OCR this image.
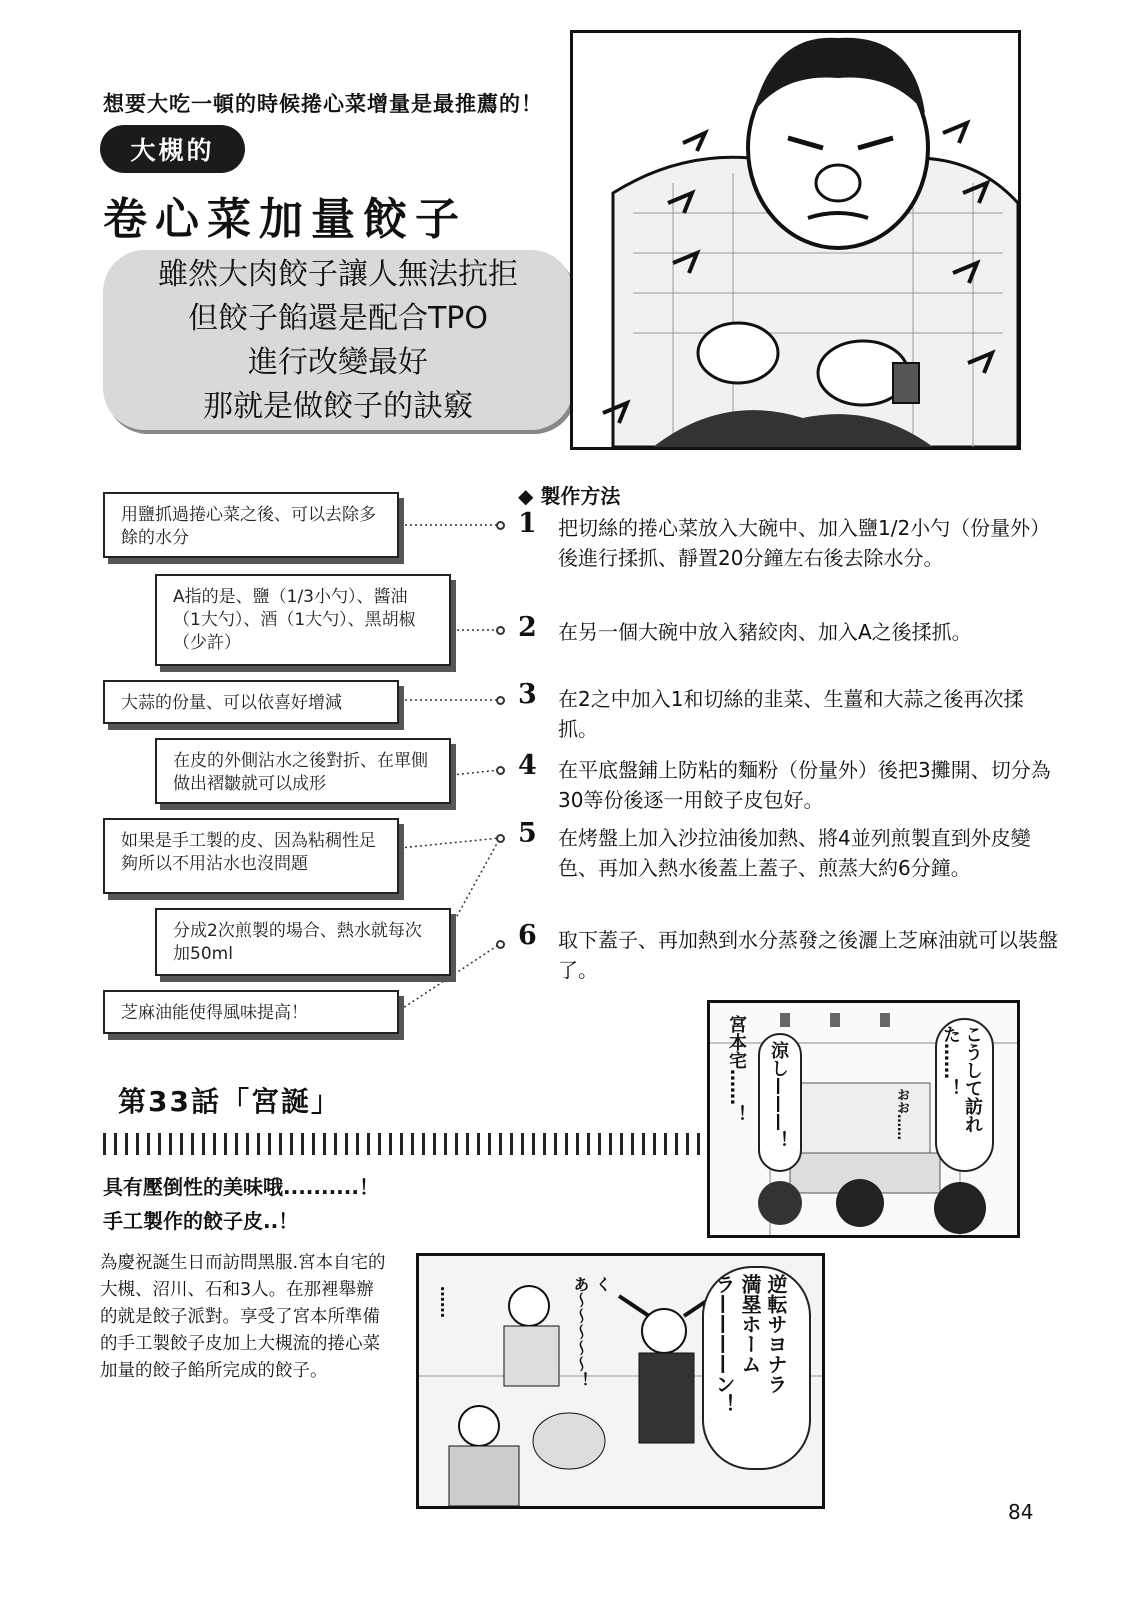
想要大吃一頓的時候捲心菜增量是最推薦的！
大槻的
卷心菜加量餃子
雖然大肉餃子讓人無法抗拒
但餃子餡還是配合TPO
進行改變最好
那就是做餃子的訣竅
◆ 製作方法
1 把切絲的捲心菜放入大碗中、加入鹽1/2小勺（份量外）後進行揉抓、靜置20分鐘左右後去除水分。
2 在另一個大碗中放入豬絞肉、加入A之後揉抓。
3 在2之中加入1和切絲的韭菜、生薑和大蒜之後再次揉抓。
4 在平底盤鋪上防粘的麵粉（份量外）後把3攤開、切分為30等份後逐一用餃子皮包好。
5 在烤盤上加入沙拉油後加熱、將4並列煎製直到外皮變色、再加入熱水後蓋上蓋子、煎蒸大約6分鐘。
6 取下蓋子、再加熱到水分蒸發之後灑上芝麻油就可以裝盤了。
用鹽抓過捲心菜之後、可以去除多餘的水分
A指的是、鹽（1/3小勺）、醬油（1大勺）、酒（1大勺）、黑胡椒（少許）
大蒜的份量、可以依喜好增減
在皮的外側沾水之後對折、在單側做出褶皺就可以成形
如果是手工製的皮、因為粘稠性足夠所以不用沾水也沒問題
分成2次煎製的場合、熱水就每次加50ml
芝麻油能使得風味提高！
第33話「宮誕」
具有壓倒性的美味哦..........！
手工製作的餃子皮..！
為慶祝誕生日而訪問黑服.宮本自宅的大槻、沼川、石和3人。在那裡舉辦的就是餃子派對。享受了宮本所準備的手工製餃子皮加上大槻流的捲心菜加量的餃子餡所完成的餃子。
宮本宅……！ 涼し———！	こうして訪れた……！
おお……
……
くあ〜〜〜〜〜！	逆転サヨナラ満塁ホーム
ラ————ン！
84
